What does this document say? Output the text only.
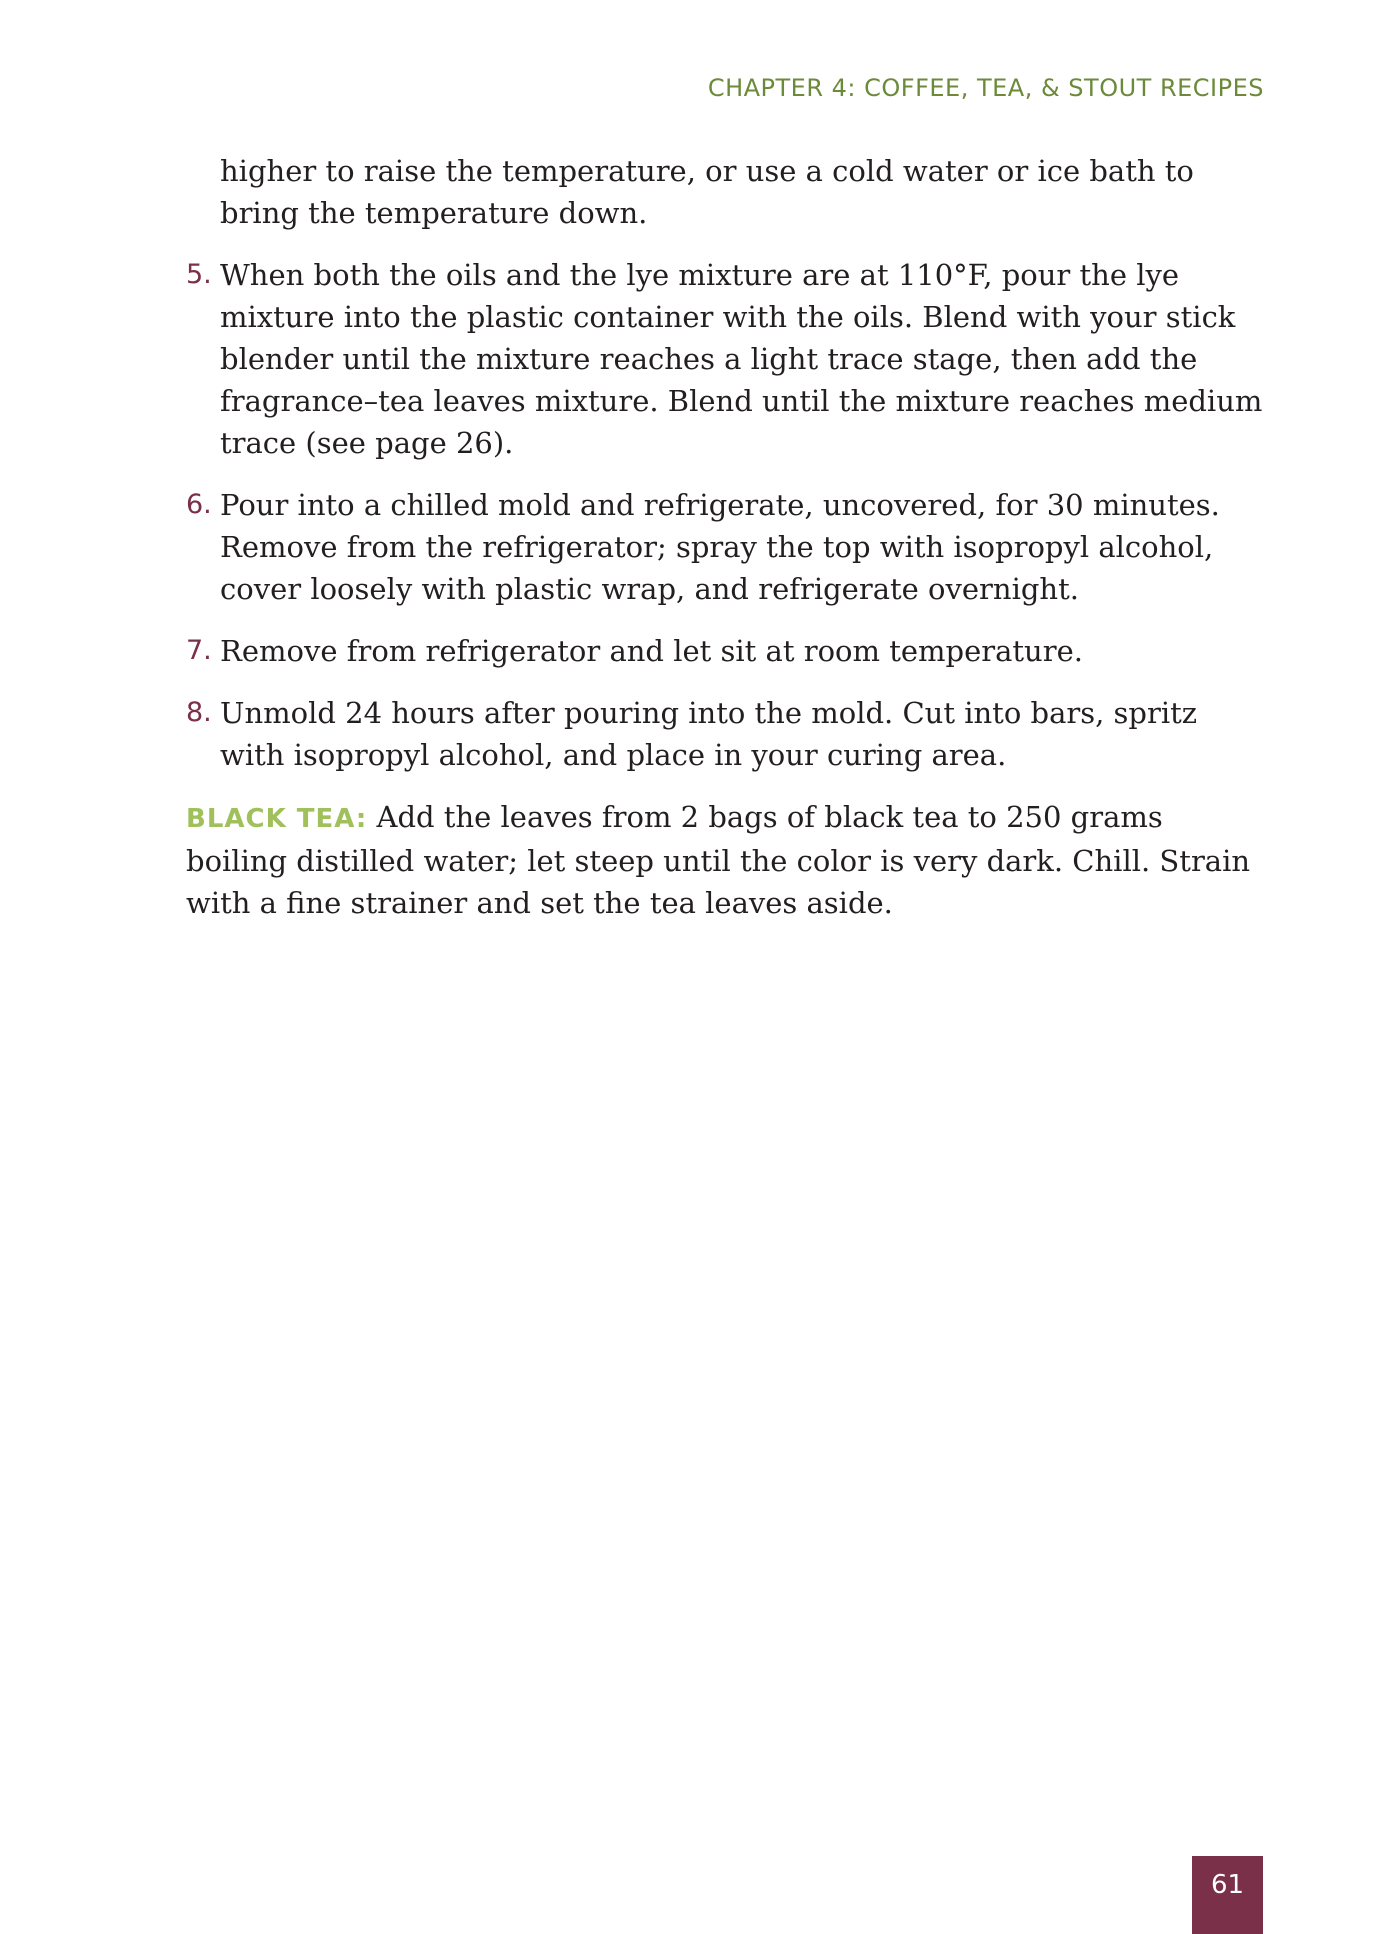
CHAPTER 4: COFFEE, TEA, & STOUT RECIPES

higher to raise the temperature, or use a cold water or ice bath to bring the temperature down.

5. When both the oils and the lye mixture are at 110°F, pour the lye mixture into the plastic container with the oils. Blend with your stick blender until the mixture reaches a light trace stage, then add the fragrance–tea leaves mixture. Blend until the mixture reaches medium trace (see page 26).
6. Pour into a chilled mold and refrigerate, uncovered, for 30 minutes. Remove from the refrigerator; spray the top with isopropyl alcohol, cover loosely with plastic wrap, and refrigerate overnight.
7. Remove from refrigerator and let sit at room temperature.
8. Unmold 24 hours after pouring into the mold. Cut into bars, spritz with isopropyl alcohol, and place in your curing area.

BLACK TEA: Add the leaves from 2 bags of black tea to 250 grams boiling distilled water; let steep until the color is very dark. Chill. Strain with a fine strainer and set the tea leaves aside.

61
